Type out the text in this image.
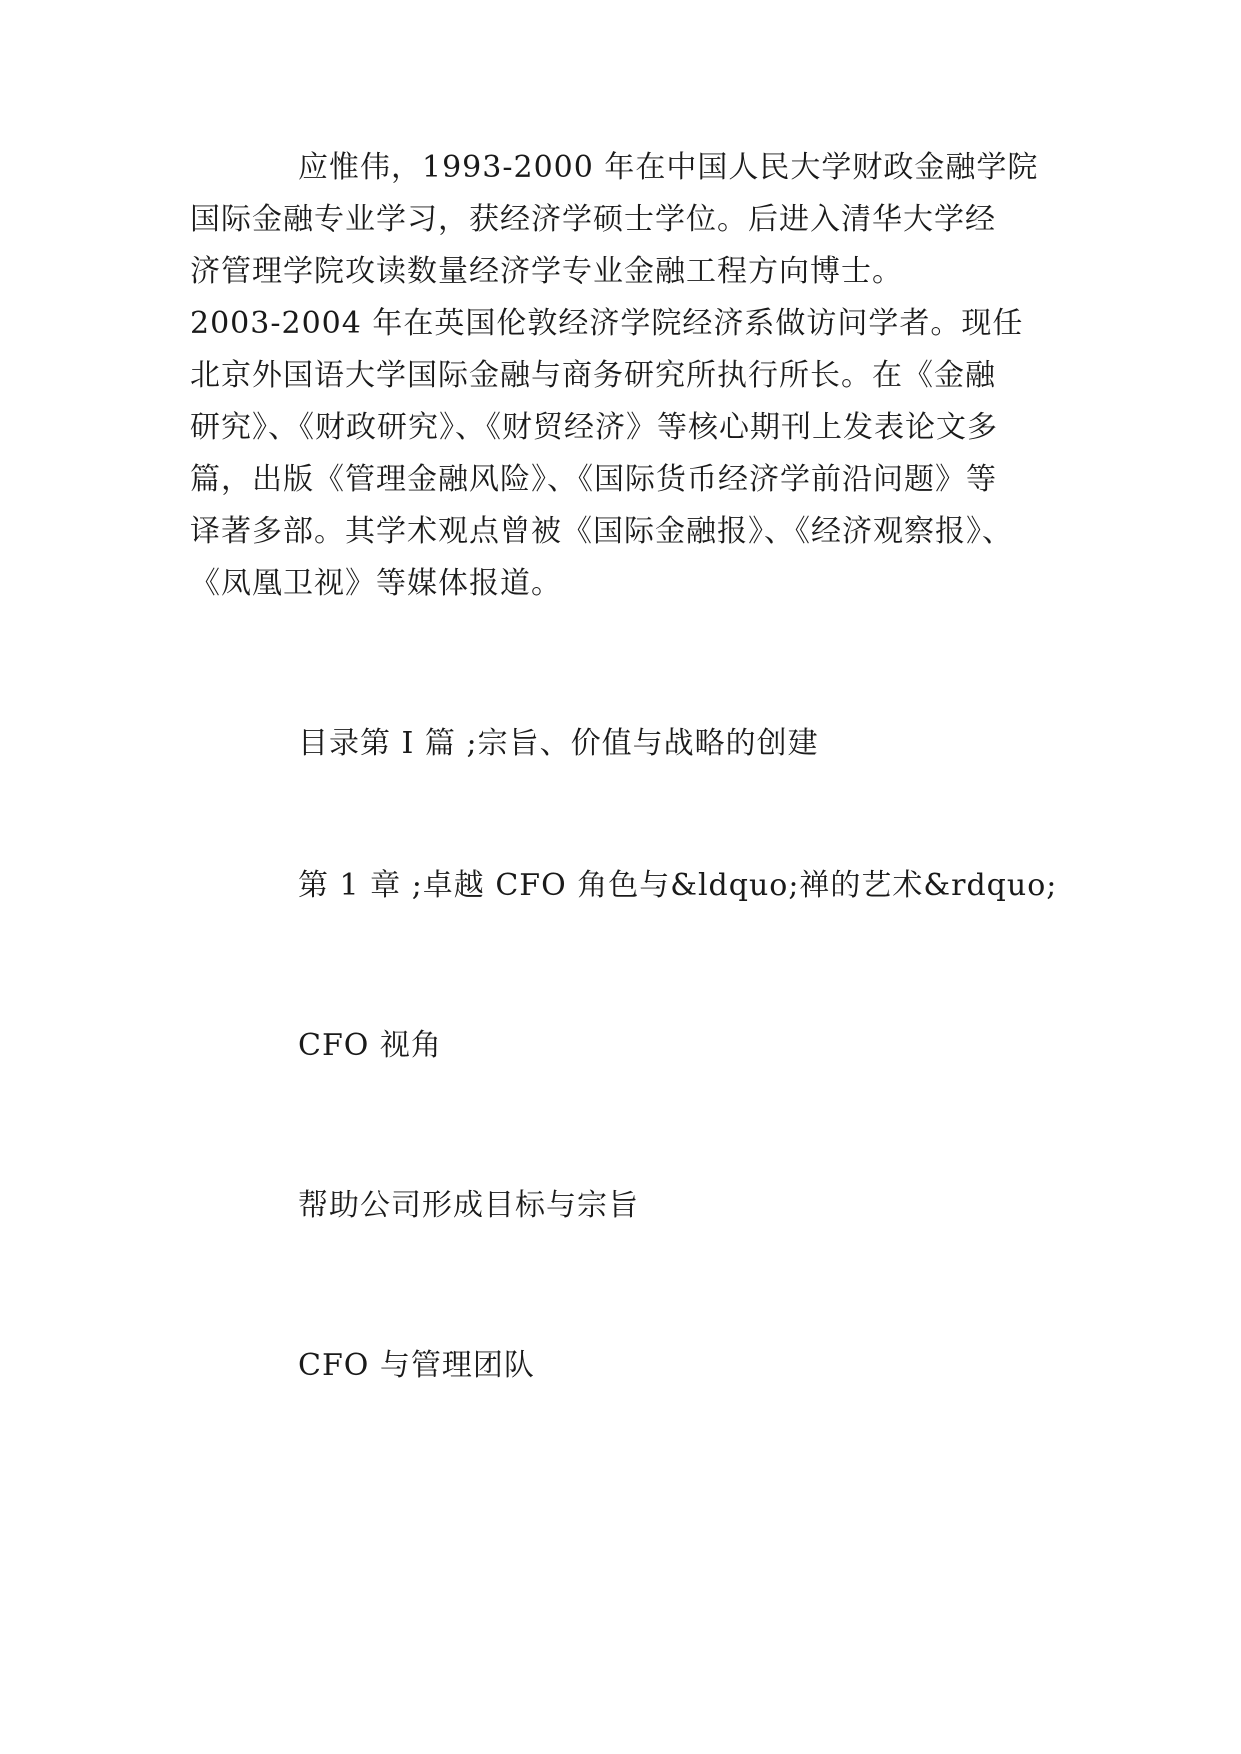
应惟伟，1993-2000 年在中国人民大学财政金融学院
国际金融专业学习，获经济学硕士学位。后进入清华大学经
济管理学院攻读数量经济学专业金融工程方向博士。
2003-2004 年在英国伦敦经济学院经济系做访问学者。现任
北京外国语大学国际金融与商务研究所执行所长。在《金融
研究》、《财政研究》、《财贸经济》等核心期刊上发表论文多
篇，出版《管理金融风险》、《国际货币经济学前沿问题》等
译著多部。其学术观点曾被《国际金融报》、《经济观察报》、
《凤凰卫视》等媒体报道。
目录第 I 篇 ;宗旨、价值与战略的创建
第 1 章 ;卓越 CFO 角色与&ldquo;禅的艺术&rdquo;
CFO 视角
帮助公司形成目标与宗旨
CFO 与管理团队
